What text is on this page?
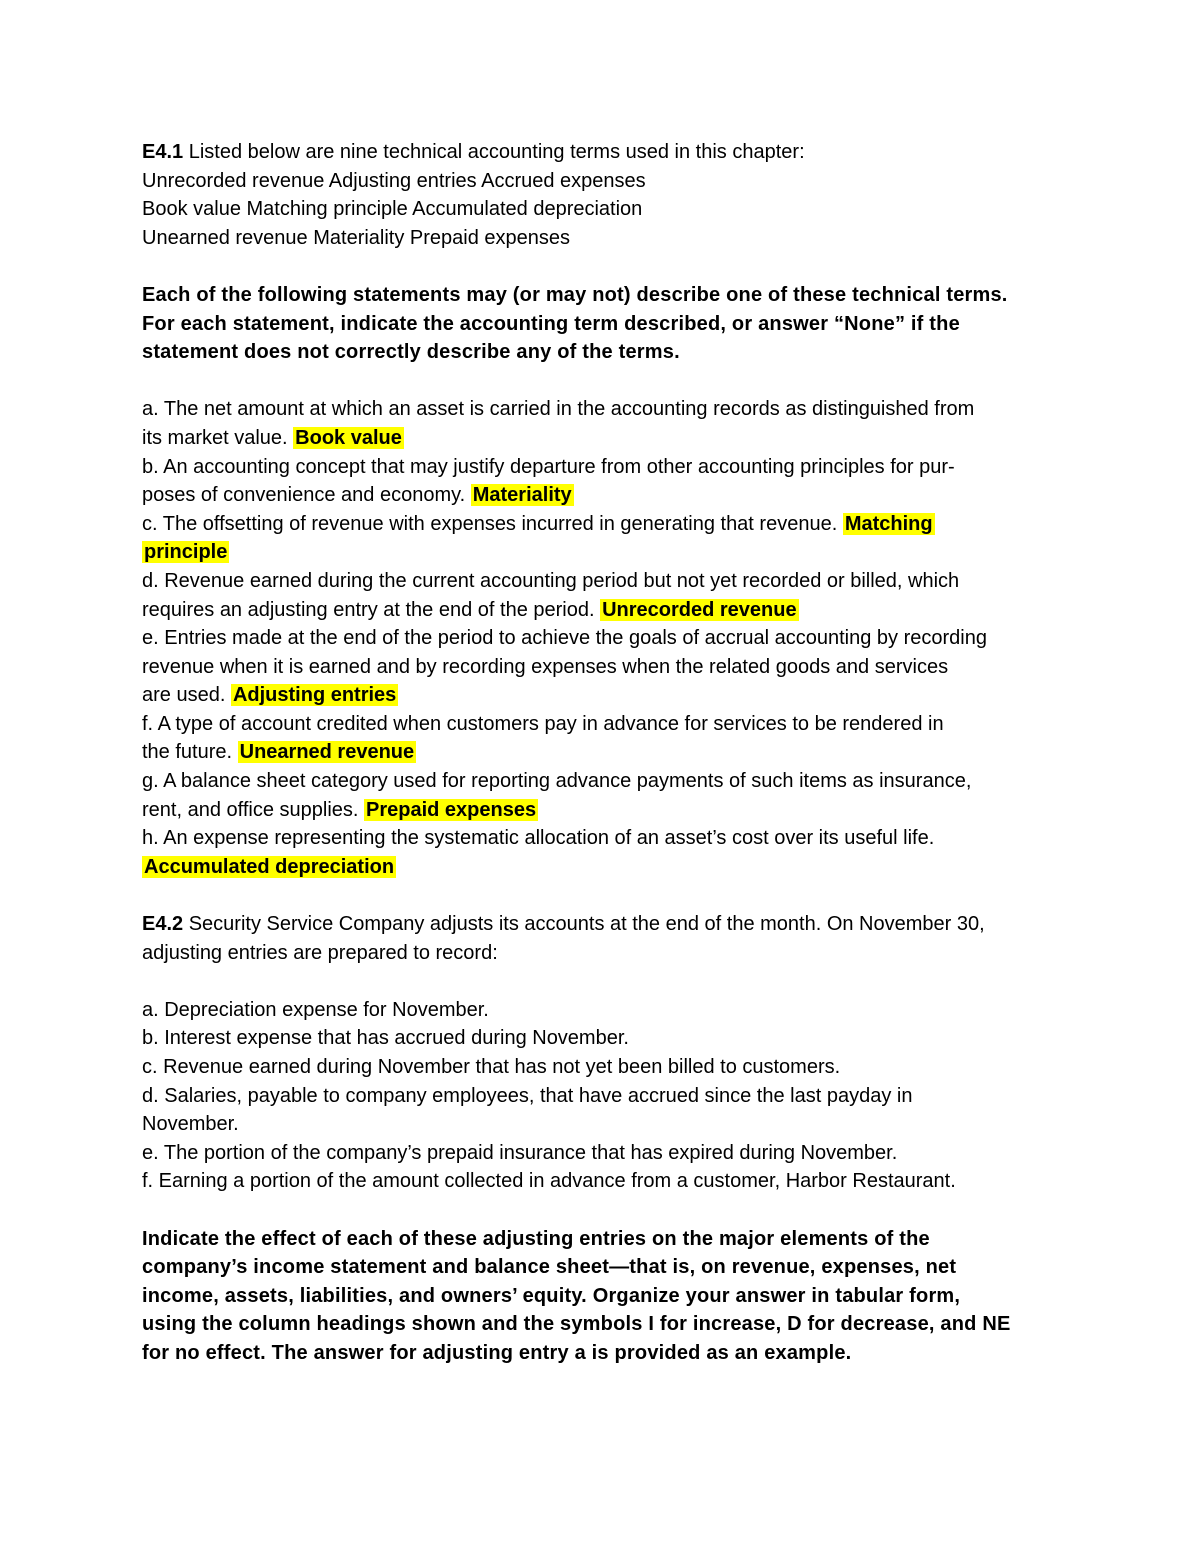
E4.1 Listed below are nine technical accounting terms used in this chapter:
Unrecorded revenue Adjusting entries Accrued expenses
Book value Matching principle Accumulated depreciation
Unearned revenue Materiality Prepaid expenses
Each of the following statements may (or may not) describe one of these technical terms.
For each statement, indicate the accounting term described, or answer “None” if the
statement does not correctly describe any of the terms.
a. The net amount at which an asset is carried in the accounting records as distinguished from
its market value. Book value
b. An accounting concept that may justify departure from other accounting principles for pur-
poses of convenience and economy. Materiality
c. The offsetting of revenue with expenses incurred in generating that revenue. Matching
principle
d. Revenue earned during the current accounting period but not yet recorded or billed, which
requires an adjusting entry at the end of the period. Unrecorded revenue
e. Entries made at the end of the period to achieve the goals of accrual accounting by recording
revenue when it is earned and by recording expenses when the related goods and services
are used. Adjusting entries
f. A type of account credited when customers pay in advance for services to be rendered in
the future. Unearned revenue
g. A balance sheet category used for reporting advance payments of such items as insurance,
rent, and office supplies. Prepaid expenses
h. An expense representing the systematic allocation of an asset’s cost over its useful life.
Accumulated depreciation
E4.2 Security Service Company adjusts its accounts at the end of the month. On November 30,
adjusting entries are prepared to record:
a. Depreciation expense for November.
b. Interest expense that has accrued during November.
c. Revenue earned during November that has not yet been billed to customers.
d. Salaries, payable to company employees, that have accrued since the last payday in
November.
e. The portion of the company’s prepaid insurance that has expired during November.
f. Earning a portion of the amount collected in advance from a customer, Harbor Restaurant.
Indicate the effect of each of these adjusting entries on the major elements of the
company’s income statement and balance sheet—that is, on revenue, expenses, net
income, assets, liabilities, and owners’ equity. Organize your answer in tabular form,
using the column headings shown and the symbols I for increase, D for decrease, and NE
for no effect. The answer for adjusting entry a is provided as an example.
